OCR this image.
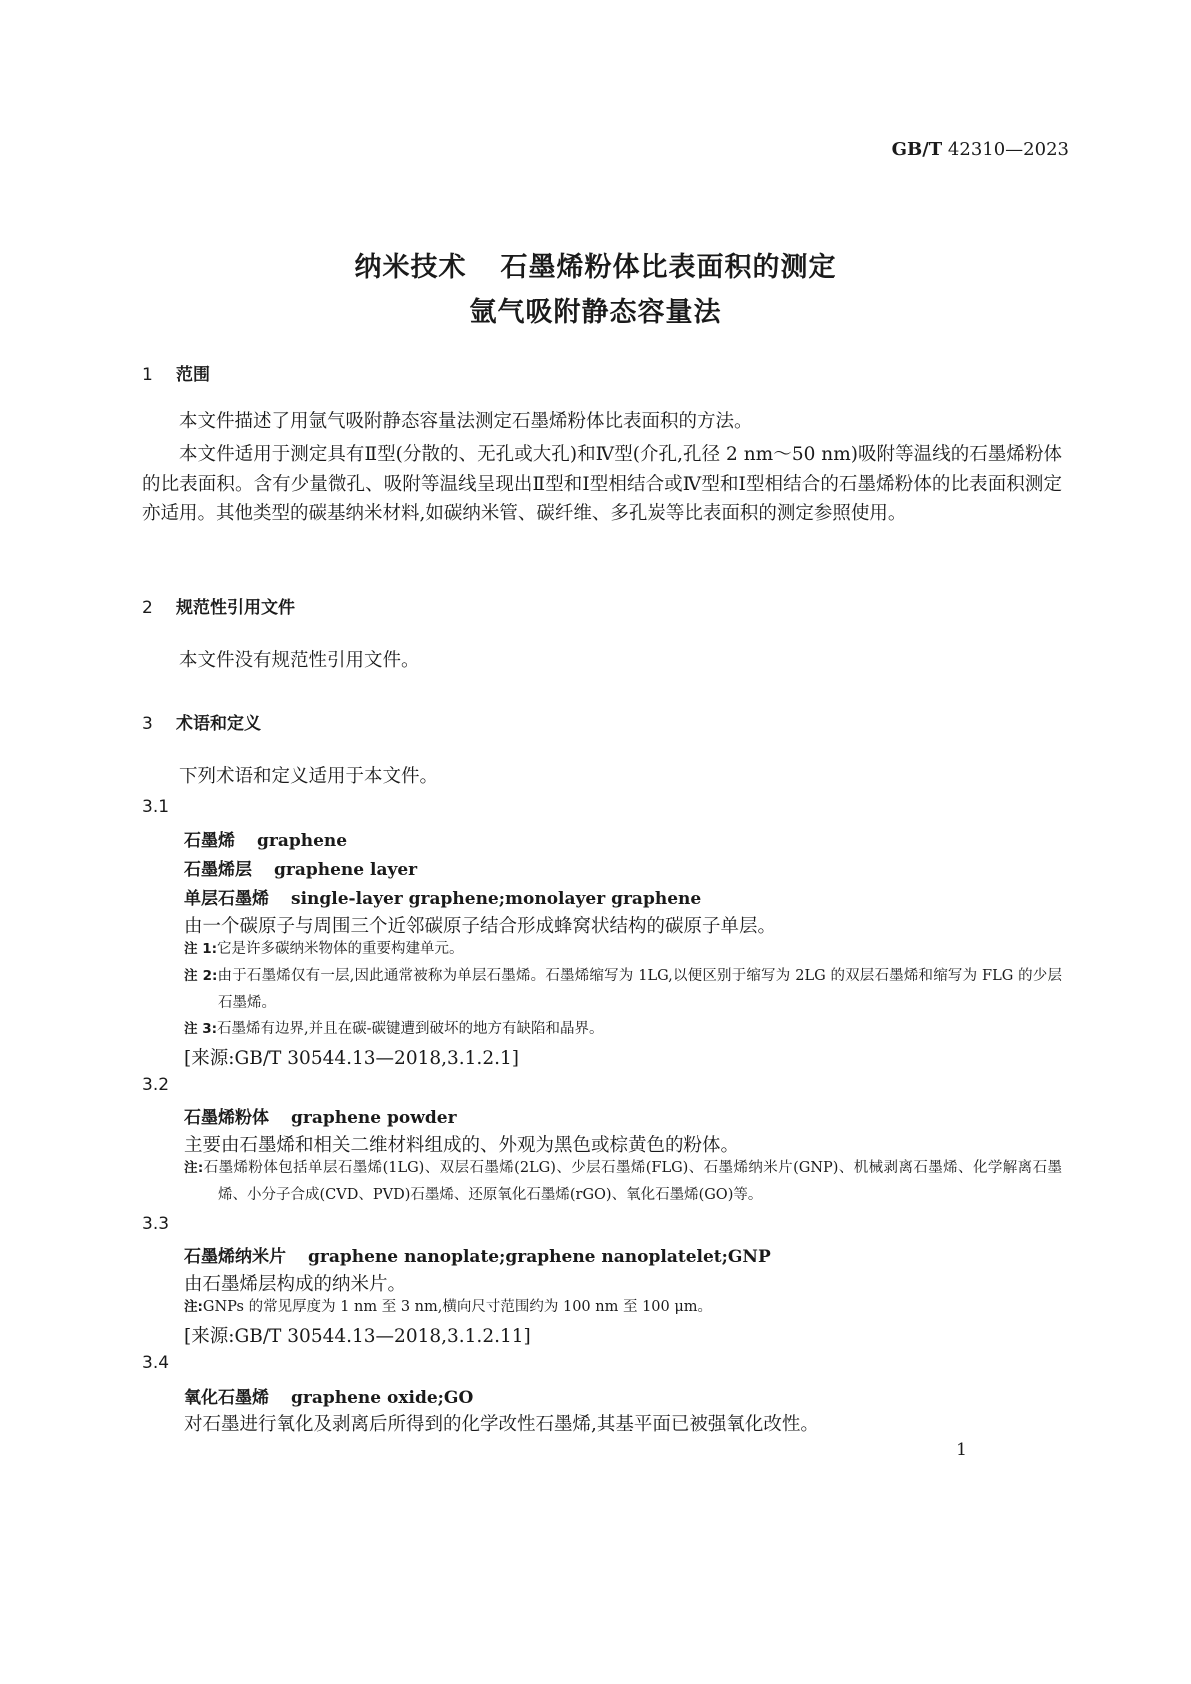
GB/T 42310—2023
纳米技术 石墨烯粉体比表面积的测定
氩气吸附静态容量法
1 范围
本文件描述了用氩气吸附静态容量法测定石墨烯粉体比表面积的方法。
本文件适用于测定具有Ⅱ型(分散的、无孔或大孔)和Ⅳ型(介孔,孔径 2 nm～50 nm)吸附等温线的石墨烯粉体的比表面积。含有少量微孔、吸附等温线呈现出Ⅱ型和Ⅰ型相结合或Ⅳ型和Ⅰ型相结合的石墨烯粉体的比表面积测定亦适用。其他类型的碳基纳米材料,如碳纳米管、碳纤维、多孔炭等比表面积的测定参照使用。
2 规范性引用文件
本文件没有规范性引用文件。
3 术语和定义
下列术语和定义适用于本文件。
3.1
石墨烯 graphene
石墨烯层 graphene layer
单层石墨烯 single-layer graphene;monolayer graphene
由一个碳原子与周围三个近邻碳原子结合形成蜂窝状结构的碳原子单层。
注 1:它是许多碳纳米物体的重要构建单元。
注 2:由于石墨烯仅有一层,因此通常被称为单层石墨烯。石墨烯缩写为 1LG,以便区别于缩写为 2LG 的双层石墨烯和缩写为 FLG 的少层石墨烯。
注 3:石墨烯有边界,并且在碳-碳键遭到破坏的地方有缺陷和晶界。
[来源:GB/T 30544.13—2018,3.1.2.1]
3.2
石墨烯粉体 graphene powder
主要由石墨烯和相关二维材料组成的、外观为黑色或棕黄色的粉体。
注:石墨烯粉体包括单层石墨烯(1LG)、双层石墨烯(2LG)、少层石墨烯(FLG)、石墨烯纳米片(GNP)、机械剥离石墨烯、化学解离石墨烯、小分子合成(CVD、PVD)石墨烯、还原氧化石墨烯(rGO)、氧化石墨烯(GO)等。
3.3
石墨烯纳米片 graphene nanoplate;graphene nanoplatelet;GNP
由石墨烯层构成的纳米片。
注:GNPs 的常见厚度为 1 nm 至 3 nm,横向尺寸范围约为 100 nm 至 100 μm。
[来源:GB/T 30544.13—2018,3.1.2.11]
3.4
氧化石墨烯 graphene oxide;GO
对石墨进行氧化及剥离后所得到的化学改性石墨烯,其基平面已被强氧化改性。
1
